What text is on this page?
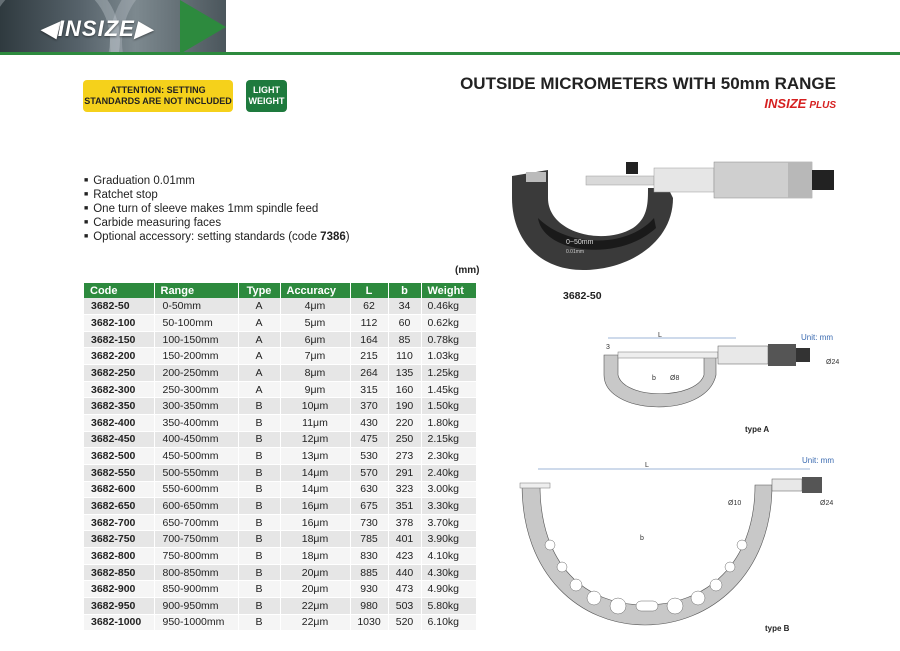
◀INSIZE▶
ATTENTION: SETTING STANDARDS ARE NOT INCLUDED
LIGHT WEIGHT
OUTSIDE MICROMETERS WITH 50mm RANGE
INSIZE PLUS
■ Graduation 0.01mm
■ Ratchet stop
■ One turn of sleeve makes 1mm spindle feed
■ Carbide measuring faces
■ Optional accessory: setting standards (code 7386)
(mm)
Code	Range	Type	Accuracy	L	b	Weight
3682-50	0-50mm	A	4μm	62	34	0.46kg
3682-100	50-100mm	A	5μm	112	60	0.62kg
3682-150	100-150mm	A	6μm	164	85	0.78kg
3682-200	150-200mm	A	7μm	215	110	1.03kg
3682-250	200-250mm	A	8μm	264	135	1.25kg
3682-300	250-300mm	A	9μm	315	160	1.45kg
3682-350	300-350mm	B	10μm	370	190	1.50kg
3682-400	350-400mm	B	11μm	430	220	1.80kg
3682-450	400-450mm	B	12μm	475	250	2.15kg
3682-500	450-500mm	B	13μm	530	273	2.30kg
3682-550	500-550mm	B	14μm	570	291	2.40kg
3682-600	550-600mm	B	14μm	630	323	3.00kg
3682-650	600-650mm	B	16μm	675	351	3.30kg
3682-700	650-700mm	B	16μm	730	378	3.70kg
3682-750	700-750mm	B	18μm	785	401	3.90kg
3682-800	750-800mm	B	18μm	830	423	4.10kg
3682-850	800-850mm	B	20μm	885	440	4.30kg
3682-900	850-900mm	B	20μm	930	473	4.90kg
3682-950	900-950mm	B	22μm	980	503	5.80kg
3682-1000	950-1000mm	B	22μm	1030	520	6.10kg
0~50mm
0.01mm
3682-50
Unit: mm
L
3
b Ø8
Ø24
type A
Unit: mm
L
b
Ø10	Ø24
type B
